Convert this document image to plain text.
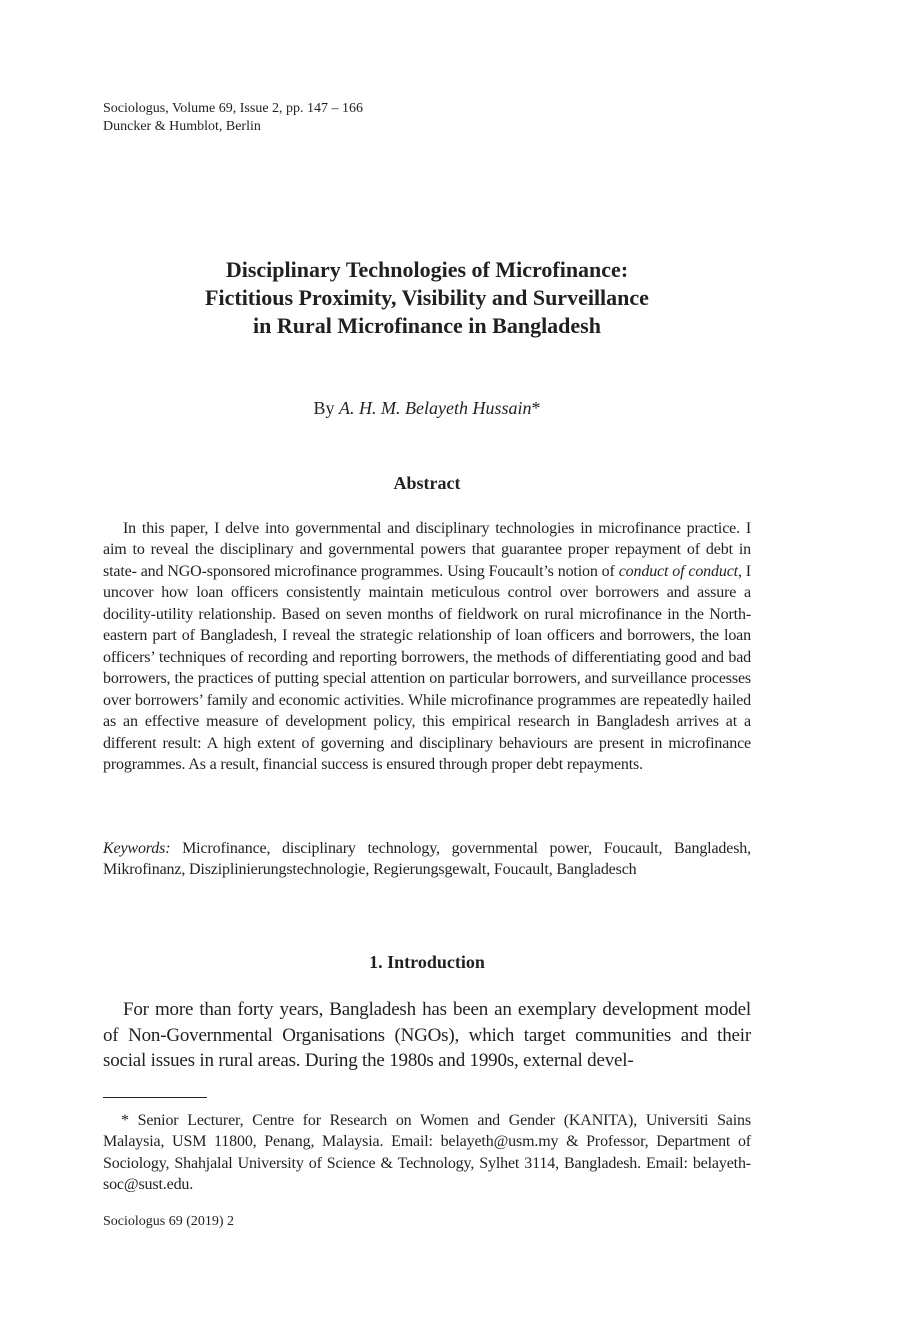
Sociologus, Volume 69, Issue 2, pp. 147 – 166
Duncker & Humblot, Berlin
Disciplinary Technologies of Microfinance:
Fictitious Proximity, Visibility and Surveillance
in Rural Microfinance in Bangladesh
By A. H. M. Belayeth Hussain*
Abstract

In this paper, I delve into governmental and disciplinary technologies in microfinance practice. I aim to reveal the disciplinary and governmental powers that guarantee proper repayment of debt in state- and NGO-sponsored microfinance programmes. Using Foucault’s notion of conduct of conduct, I uncover how loan officers consistently maintain meticulous control over borrowers and assure a docility-utility relationship. Based on seven months of fieldwork on rural microfinance in the North-eastern part of Bangladesh, I reveal the strategic relationship of loan officers and borrowers, the loan officers’ techniques of recording and reporting borrowers, the methods of differentiating good and bad borrowers, the practices of putting special attention on particular borrowers, and surveillance processes over borrowers’ family and economic activities. While microfinance programmes are repeatedly hailed as an effective measure of development policy, this empirical research in Bangladesh arrives at a different result: A high extent of governing and disciplinary behaviours are present in microfinance programmes. As a result, financial success is ensured through proper debt repayments.

Keywords: Microfinance, disciplinary technology, governmental power, Foucault, Bangladesh, Mikrofinanz, Disziplinierungstechnologie, Regierungsgewalt, Foucault, Bangladesch

1. Introduction

For more than forty years, Bangladesh has been an exemplary development model of Non-Governmental Organisations (NGOs), which target communities and their social issues in rural areas. During the 1980s and 1990s, external devel-

* Senior Lecturer, Centre for Research on Women and Gender (KANITA), Universiti Sains Malaysia, USM 11800, Penang, Malaysia. Email: belayeth@usm.my & Professor, Department of Sociology, Shahjalal University of Science & Technology, Sylhet 3114, Bangladesh. Email: belayeth-soc@sust.edu.

Sociologus 69 (2019) 2
